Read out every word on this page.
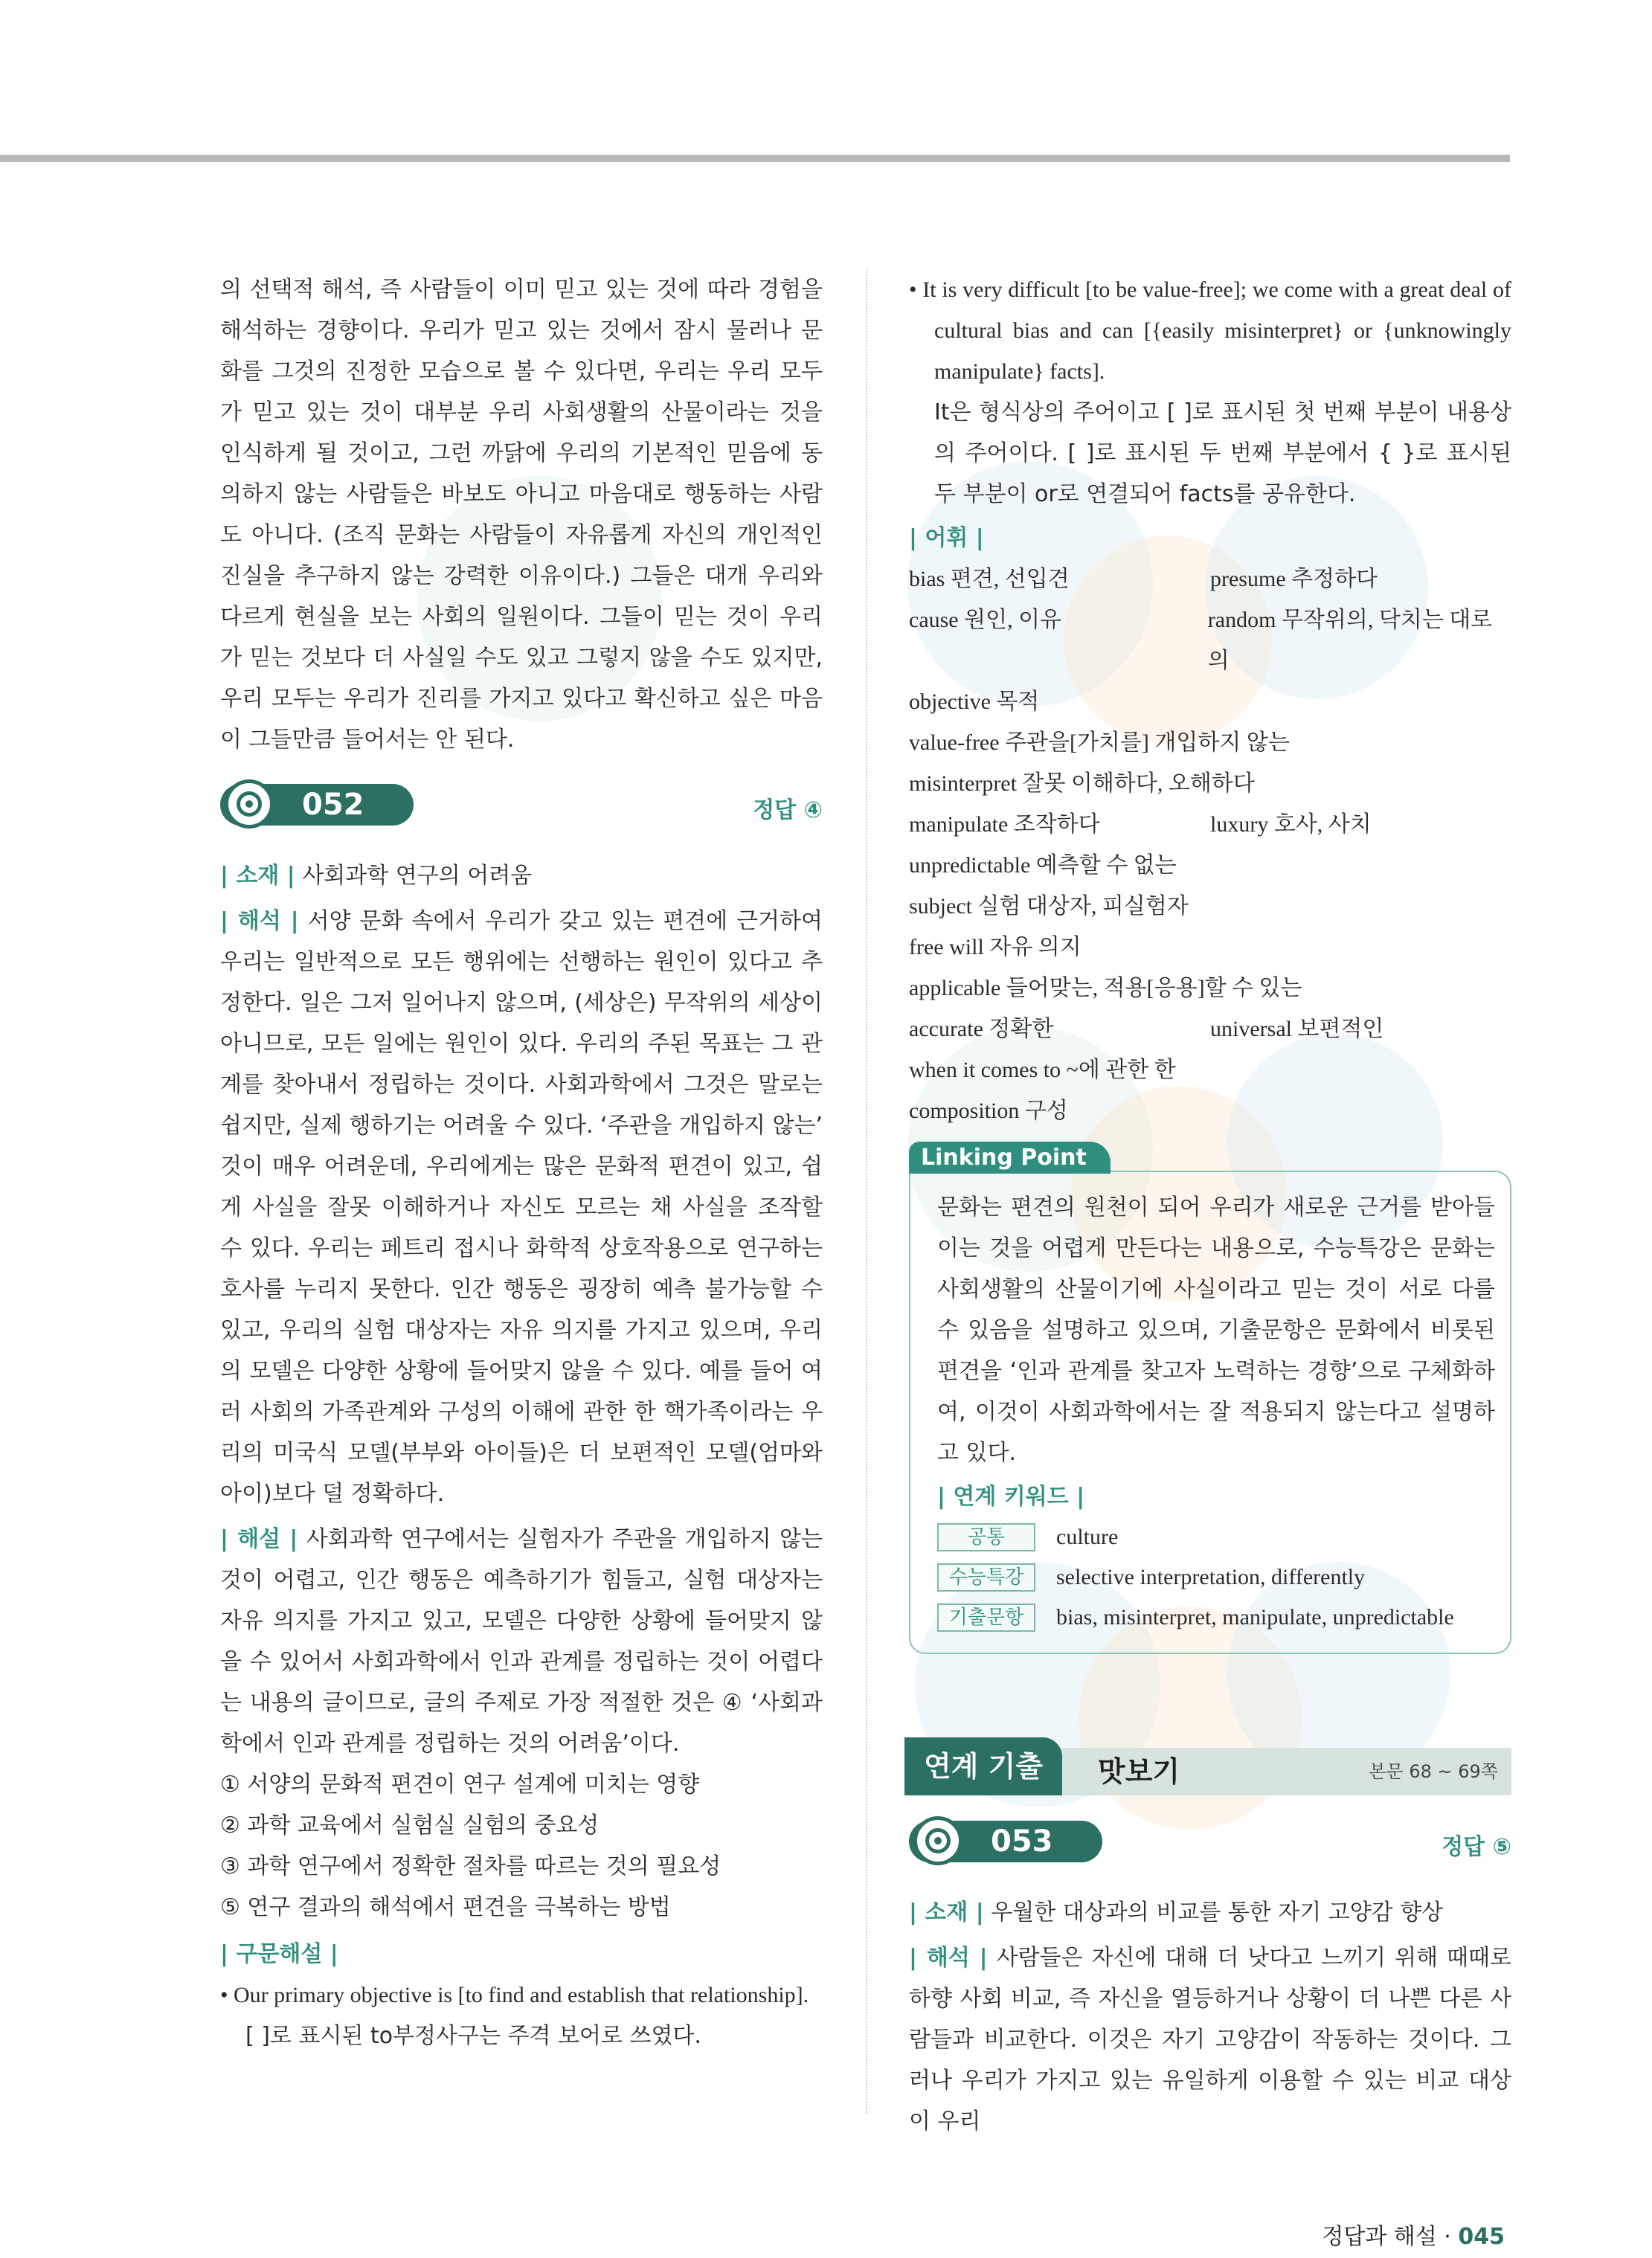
의 선택적 해석, 즉 사람들이 이미 믿고 있는 것에 따라 경험을 해석하는 경향이다. 우리가 믿고 있는 것에서 잠시 물러나 문화를 그것의 진정한 모습으로 볼 수 있다면, 우리는 우리 모두가 믿고 있는 것이 대부분 우리 사회생활의 산물이라는 것을 인식하게 될 것이고, 그런 까닭에 우리의 기본적인 믿음에 동의하지 않는 사람들은 바보도 아니고 마음대로 행동하는 사람도 아니다. (조직 문화는 사람들이 자유롭게 자신의 개인적인 진실을 추구하지 않는 강력한 이유이다.) 그들은 대개 우리와 다르게 현실을 보는 사회의 일원이다. 그들이 믿는 것이 우리가 믿는 것보다 더 사실일 수도 있고 그렇지 않을 수도 있지만, 우리 모두는 우리가 진리를 가지고 있다고 확신하고 싶은 마음이 그들만큼 들어서는 안 된다.

052	정답 ④

| 소재 | 사회과학 연구의 어려움

| 해석 | 서양 문화 속에서 우리가 갖고 있는 편견에 근거하여 우리는 일반적으로 모든 행위에는 선행하는 원인이 있다고 추정한다. 일은 그저 일어나지 않으며, (세상은) 무작위의 세상이 아니므로, 모든 일에는 원인이 있다. 우리의 주된 목표는 그 관계를 찾아내서 정립하는 것이다. 사회과학에서 그것은 말로는 쉽지만, 실제 행하기는 어려울 수 있다. ‘주관을 개입하지 않는’ 것이 매우 어려운데, 우리에게는 많은 문화적 편견이 있고, 쉽게 사실을 잘못 이해하거나 자신도 모르는 채 사실을 조작할 수 있다. 우리는 페트리 접시나 화학적 상호작용으로 연구하는 호사를 누리지 못한다. 인간 행동은 굉장히 예측 불가능할 수 있고, 우리의 실험 대상자는 자유 의지를 가지고 있으며, 우리의 모델은 다양한 상황에 들어맞지 않을 수 있다. 예를 들어 여러 사회의 가족관계와 구성의 이해에 관한 한 핵가족이라는 우리의 미국식 모델(부부와 아이들)은 더 보편적인 모델(엄마와 아이)보다 덜 정확하다.

| 해설 | 사회과학 연구에서는 실험자가 주관을 개입하지 않는 것이 어렵고, 인간 행동은 예측하기가 힘들고, 실험 대상자는 자유 의지를 가지고 있고, 모델은 다양한 상황에 들어맞지 않을 수 있어서 사회과학에서 인과 관계를 정립하는 것이 어렵다는 내용의 글이므로, 글의 주제로 가장 적절한 것은 ④ ‘사회과학에서 인과 관계를 정립하는 것의 어려움’이다.

① 서양의 문화적 편견이 연구 설계에 미치는 영향

② 과학 교육에서 실험실 실험의 중요성

③ 과학 연구에서 정확한 절차를 따르는 것의 필요성

⑤ 연구 결과의 해석에서 편견을 극복하는 방법

| 구문해설 |

• Our primary objective is [to find and establish that relationship].

[ ]로 표시된 to부정사구는 주격 보어로 쓰였다.

• It is very difficult [to be value-free]; we come with a great deal of cultural bias and can [{easily misinterpret} or {unknowingly manipulate} facts].

It은 형식상의 주어이고 [ ]로 표시된 첫 번째 부분이 내용상의 주어이다. [ ]로 표시된 두 번째 부분에서 { }로 표시된 두 부분이 or로 연결되어 facts를 공유한다.

| 어휘 |

bias 편견, 선입견	presume 추정하다
cause 원인, 이유	random 무작위의, 닥치는 대로의
objective 목적
value-free 주관을[가치를] 개입하지 않는
misinterpret 잘못 이해하다, 오해하다
manipulate 조작하다	luxury 호사, 사치
unpredictable 예측할 수 없는
subject 실험 대상자, 피실험자
free will 자유 의지
applicable 들어맞는, 적용[응용]할 수 있는
accurate 정확한	universal 보편적인
when it comes to ~에 관한 한
composition 구성
Linking Point

문화는 편견의 원천이 되어 우리가 새로운 근거를 받아들이는 것을 어렵게 만든다는 내용으로, 수능특강은 문화는 사회생활의 산물이기에 사실이라고 믿는 것이 서로 다를 수 있음을 설명하고 있으며, 기출문항은 문화에서 비롯된 편견을 ‘인과 관계를 찾고자 노력하는 경향’으로 구체화하여, 이것이 사회과학에서는 잘 적용되지 않는다고 설명하고 있다.

| 연계 키워드 |

공통	culture
수능특강	selective interpretation, differently
기출문항	bias, misinterpret, manipulate, unpredictable
맛보기	본문 68 ~ 69쪽
연계 기출
053	정답 ⑤

| 소재 | 우월한 대상과의 비교를 통한 자기 고양감 향상

| 해석 | 사람들은 자신에 대해 더 낫다고 느끼기 위해 때때로 하향 사회 비교, 즉 자신을 열등하거나 상황이 더 나쁜 다른 사람들과 비교한다. 이것은 자기 고양감이 작동하는 것이다. 그러나 우리가 가지고 있는 유일하게 이용할 수 있는 비교 대상이 우리

정답과 해설 · 045
